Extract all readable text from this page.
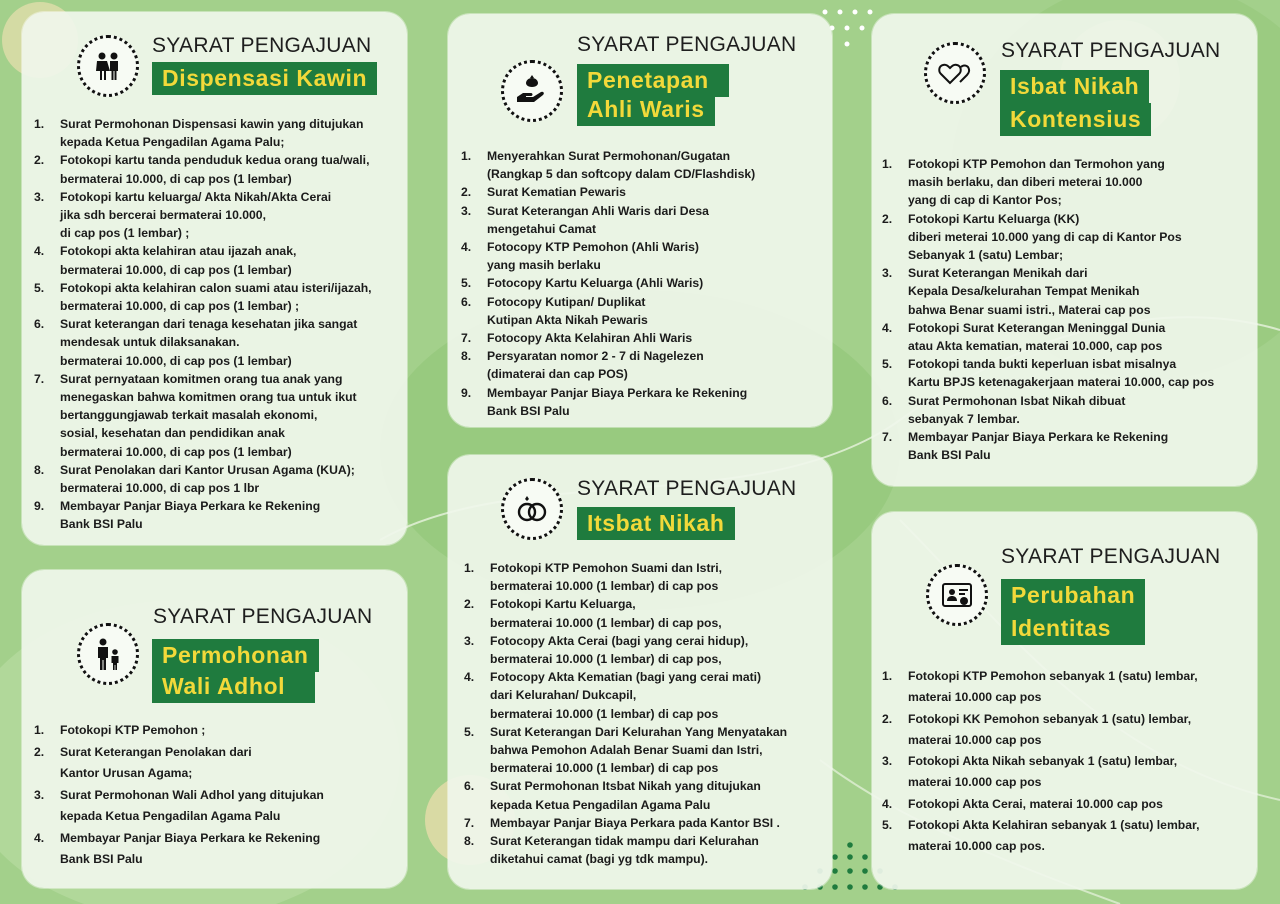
SYARAT PENGAJUAN
Dispensasi Kawin
1. Surat Permohonan Dispensasi kawin yang ditujukan
kepada Ketua Pengadilan Agama Palu;
2. Fotokopi kartu tanda penduduk kedua orang tua/wali,
bermaterai 10.000, di cap pos (1 lembar)
3. Fotokopi kartu keluarga/ Akta Nikah/Akta Cerai
jika sdh bercerai bermaterai 10.000,
di cap pos (1 lembar) ;
4. Fotokopi akta kelahiran atau ijazah anak,
bermaterai 10.000, di cap pos (1 lembar)
5. Fotokopi akta kelahiran calon suami atau isteri/ijazah,
bermaterai 10.000, di cap pos (1 lembar) ;
6. Surat keterangan dari tenaga kesehatan jika sangat
mendesak untuk dilaksanakan.
bermaterai 10.000, di cap pos (1 lembar)
7. Surat pernyataan komitmen orang tua anak yang
menegaskan bahwa komitmen orang tua untuk ikut
bertanggungjawab terkait masalah ekonomi,
sosial, kesehatan dan pendidikan anak
bermaterai 10.000, di cap pos (1 lembar)
8. Surat Penolakan dari Kantor Urusan Agama (KUA);
bermaterai 10.000, di cap pos 1 lbr
9. Membayar Panjar Biaya Perkara ke Rekening
Bank BSI Palu
SYARAT PENGAJUAN
Penetapan
Ahli Waris
1. Menyerahkan Surat Permohonan/Gugatan
(Rangkap 5 dan softcopy dalam CD/Flashdisk)
2. Surat Kematian Pewaris
3. Surat Keterangan Ahli Waris dari Desa
mengetahui Camat
4. Fotocopy KTP Pemohon (Ahli Waris)
yang masih berlaku
5. Fotocopy Kartu Keluarga (Ahli Waris)
6. Fotocopy Kutipan/ Duplikat
Kutipan Akta Nikah Pewaris
7. Fotocopy Akta Kelahiran Ahli Waris
8. Persyaratan nomor 2 - 7 di Nagelezen
(dimaterai dan cap POS)
9. Membayar Panjar Biaya Perkara ke Rekening
Bank BSI Palu
SYARAT PENGAJUAN
Isbat Nikah
Kontensius
1. Fotokopi KTP Pemohon dan Termohon yang
masih berlaku, dan diberi meterai 10.000
yang di cap di Kantor Pos;
2. Fotokopi Kartu Keluarga (KK)
diberi meterai 10.000 yang di cap di Kantor Pos
Sebanyak 1 (satu) Lembar;
3. Surat Keterangan Menikah dari
Kepala Desa/kelurahan Tempat Menikah
bahwa Benar suami istri., Materai cap pos
4. Fotokopi Surat Keterangan Meninggal Dunia
atau Akta kematian, materai 10.000, cap pos
5. Fotokopi tanda bukti keperluan isbat misalnya
Kartu BPJS ketenagakerjaan materai 10.000, cap pos
6. Surat Permohonan Isbat Nikah dibuat
sebanyak 7 lembar.
7. Membayar Panjar Biaya Perkara ke Rekening
Bank BSI Palu
SYARAT PENGAJUAN
Permohonan
Wali Adhol
1. Fotokopi KTP Pemohon ;
2. Surat Keterangan Penolakan dari
Kantor Urusan Agama;
3. Surat Permohonan Wali Adhol yang ditujukan
kepada Ketua Pengadilan Agama Palu
4. Membayar Panjar Biaya Perkara ke Rekening
Bank BSI Palu
SYARAT PENGAJUAN
Itsbat Nikah
1. Fotokopi KTP Pemohon Suami dan Istri,
bermaterai 10.000 (1 lembar) di cap pos
2. Fotokopi Kartu Keluarga,
bermaterai 10.000 (1 lembar) di cap pos,
3. Fotocopy Akta Cerai (bagi yang cerai hidup),
bermaterai 10.000 (1 lembar) di cap pos,
4. Fotocopy Akta Kematian (bagi yang cerai mati)
dari Kelurahan/ Dukcapil,
bermaterai 10.000 (1 lembar) di cap pos
5. Surat Keterangan Dari Kelurahan Yang Menyatakan
bahwa Pemohon Adalah Benar Suami dan Istri,
bermaterai 10.000 (1 lembar) di cap pos
6. Surat Permohonan Itsbat Nikah yang ditujukan
kepada Ketua Pengadilan Agama Palu
7. Membayar Panjar Biaya Perkara pada Kantor BSI .
8. Surat Keterangan tidak mampu dari Kelurahan
diketahui camat (bagi yg tdk mampu).
SYARAT PENGAJUAN
Perubahan
Identitas
1. Fotokopi KTP Pemohon sebanyak 1 (satu) lembar,
materai 10.000 cap pos
2. Fotokopi KK Pemohon sebanyak 1 (satu) lembar,
materai 10.000 cap pos
3. Fotokopi Akta Nikah sebanyak 1 (satu) lembar,
materai 10.000 cap pos
4. Fotokopi Akta Cerai, materai 10.000 cap pos
5. Fotokopi Akta Kelahiran sebanyak 1 (satu) lembar,
materai 10.000 cap pos.
